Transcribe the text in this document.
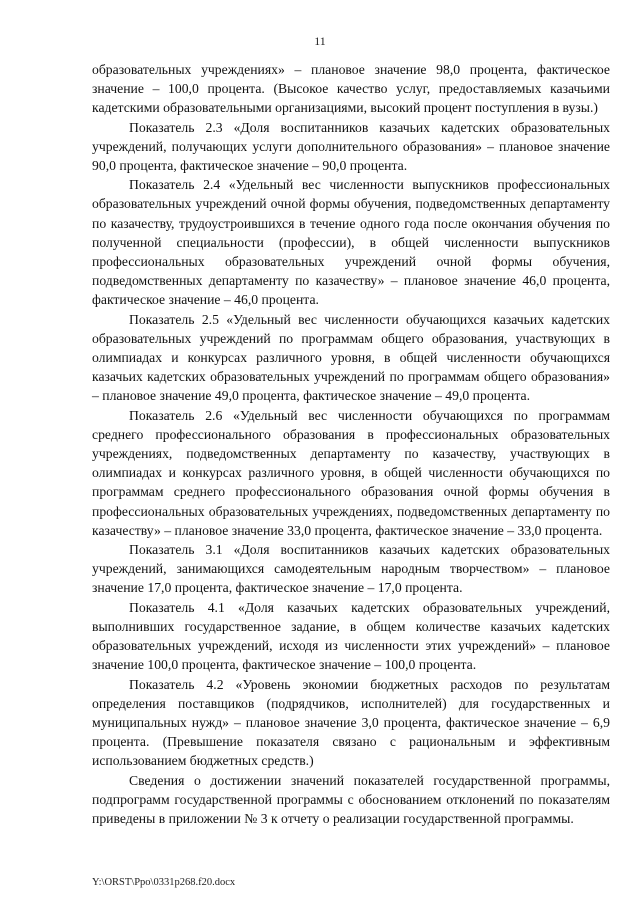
11

образовательных учреждениях» – плановое значение 98,0 процента, фактическое значение – 100,0 процента. (Высокое качество услуг, предоставляемых казачьими кадетскими образовательными организациями, высокий процент поступления в вузы.)

Показатель 2.3 «Доля воспитанников казачьих кадетских образовательных учреждений, получающих услуги дополнительного образования» – плановое значение 90,0 процента, фактическое значение – 90,0 процента.

Показатель 2.4 «Удельный вес численности выпускников профессиональных образовательных учреждений очной формы обучения, подведомственных департаменту по казачеству, трудоустроившихся в течение одного года после окончания обучения по полученной специальности (профессии), в общей численности выпускников профессиональных образовательных учреждений очной формы обучения, подведомственных департаменту по казачеству» – плановое значение 46,0 процента, фактическое значение – 46,0 процента.

Показатель 2.5 «Удельный вес численности обучающихся казачьих кадетских образовательных учреждений по программам общего образования, участвующих в олимпиадах и конкурсах различного уровня, в общей численности обучающихся казачьих кадетских образовательных учреждений по программам общего образования» – плановое значение 49,0 процента, фактическое значение – 49,0 процента.

Показатель 2.6 «Удельный вес численности обучающихся по программам среднего профессионального образования в профессиональных образовательных учреждениях, подведомственных департаменту по казачеству, участвующих в олимпиадах и конкурсах различного уровня, в общей численности обучающихся по программам среднего профессионального образования очной формы обучения в профессиональных образовательных учреждениях, подведомственных департаменту по казачеству» – плановое значение 33,0 процента, фактическое значение – 33,0 процента.

Показатель 3.1 «Доля воспитанников казачьих кадетских образовательных учреждений, занимающихся самодеятельным народным творчеством» – плановое значение 17,0 процента, фактическое значение – 17,0 процента.

Показатель 4.1 «Доля казачьих кадетских образовательных учреждений, выполнивших государственное задание, в общем количестве казачьих кадетских образовательных учреждений, исходя из численности этих учреждений» – плановое значение 100,0 процента, фактическое значение – 100,0 процента.

Показатель 4.2 «Уровень экономии бюджетных расходов по результатам определения поставщиков (подрядчиков, исполнителей) для государственных и муниципальных нужд» – плановое значение 3,0 процента, фактическое значение – 6,9 процента. (Превышение показателя связано с рациональным и эффективным использованием бюджетных средств.)

Сведения о достижении значений показателей государственной программы, подпрограмм государственной программы с обоснованием отклонений по показателям приведены в приложении № 3 к отчету о реализации государственной программы.

Y:\ORST\Ppo\0331p268.f20.docx
